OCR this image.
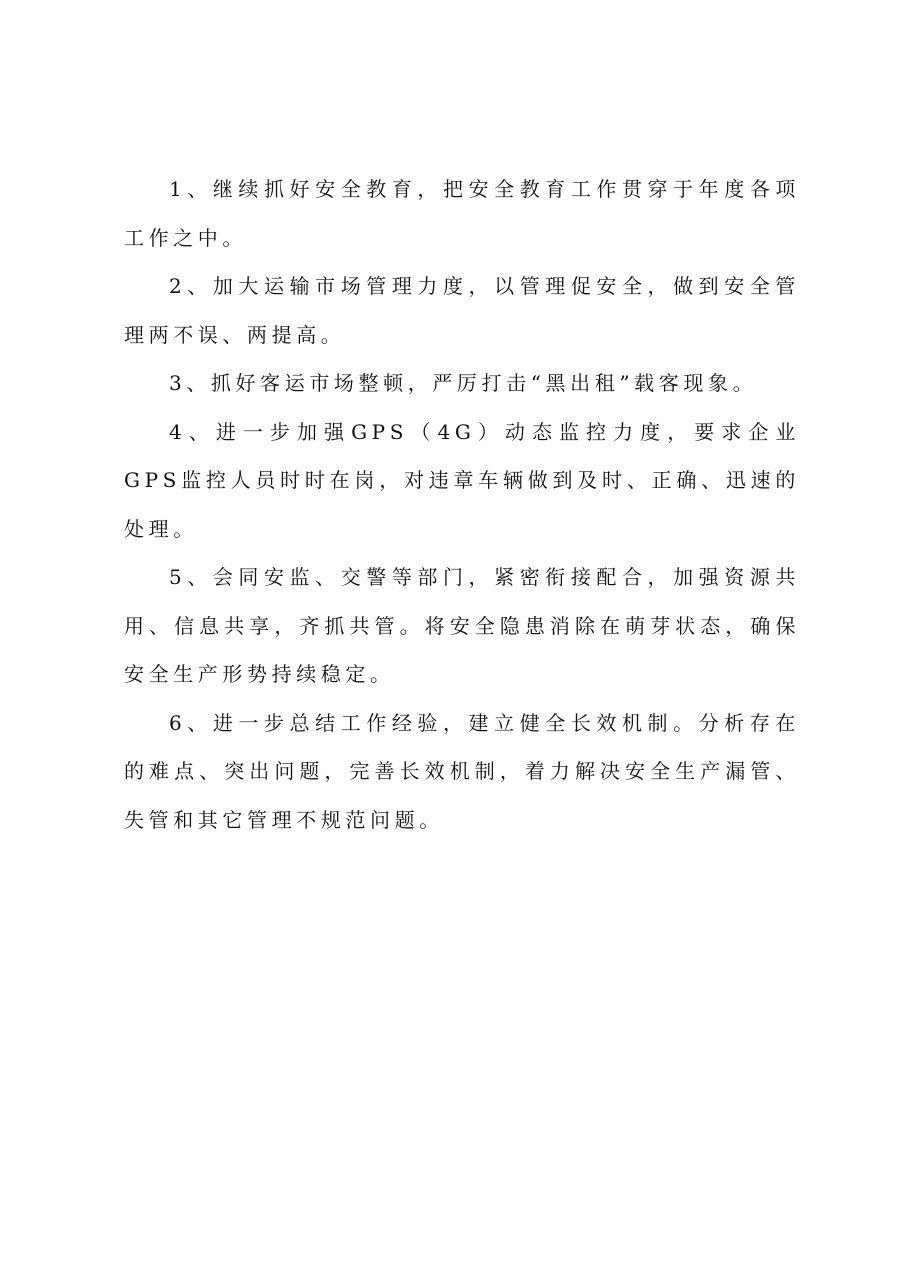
1、继续抓好安全教育，把安全教育工作贯穿于年度各项工作之中。

2、加大运输市场管理力度，以管理促安全，做到安全管理两不误、两提高。

3、抓好客运市场整顿，严厉打击“黑出租”载客现象。

4、进一步加强GPS（4G）动态监控力度，要求企业GPS监控人员时时在岗，对违章车辆做到及时、正确、迅速的处理。

5、会同安监、交警等部门，紧密衔接配合，加强资源共用、信息共享，齐抓共管。将安全隐患消除在萌芽状态，确保安全生产形势持续稳定。

6、进一步总结工作经验，建立健全长效机制。分析存在的难点、突出问题，完善长效机制，着力解决安全生产漏管、失管和其它管理不规范问题。
